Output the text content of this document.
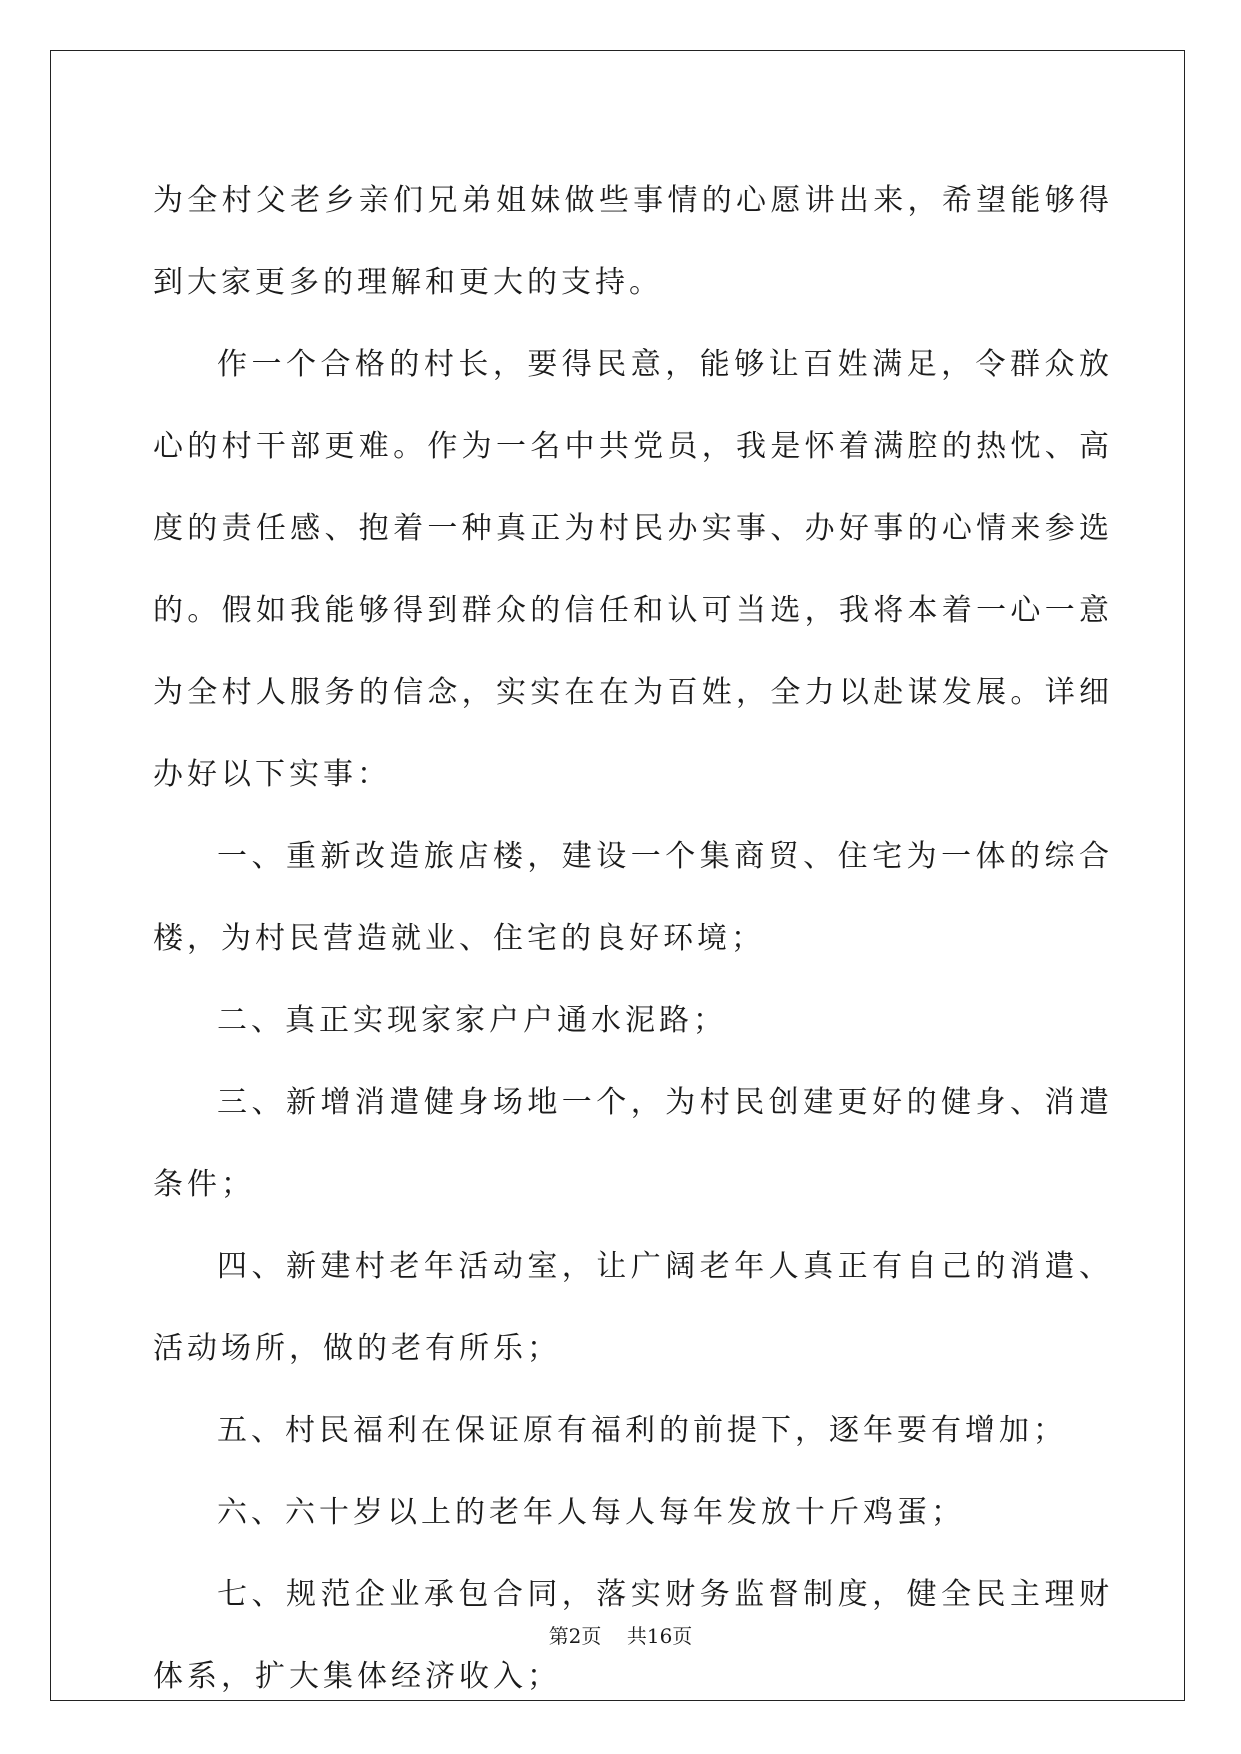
为全村父老乡亲们兄弟姐妹做些事情的心愿讲出来，希望能够得到大家更多的理解和更大的支持。

作一个合格的村长，要得民意，能够让百姓满足，令群众放心的村干部更难。作为一名中共党员，我是怀着满腔的热忱、高度的责任感、抱着一种真正为村民办实事、办好事的心情来参选的。假如我能够得到群众的信任和认可当选，我将本着一心一意为全村人服务的信念，实实在在为百姓，全力以赴谋发展。详细办好以下实事：

一、重新改造旅店楼，建设一个集商贸、住宅为一体的综合楼，为村民营造就业、住宅的良好环境；

二、真正实现家家户户通水泥路；

三、新增消遣健身场地一个，为村民创建更好的健身、消遣条件；

四、新建村老年活动室，让广阔老年人真正有自己的消遣、活动场所，做的老有所乐；

五、村民福利在保证原有福利的前提下，逐年要有增加；

六、六十岁以上的老年人每人每年发放十斤鸡蛋；

七、规范企业承包合同，落实财务监督制度，健全民主理财体系，扩大集体经济收入；

第2页 共16页
